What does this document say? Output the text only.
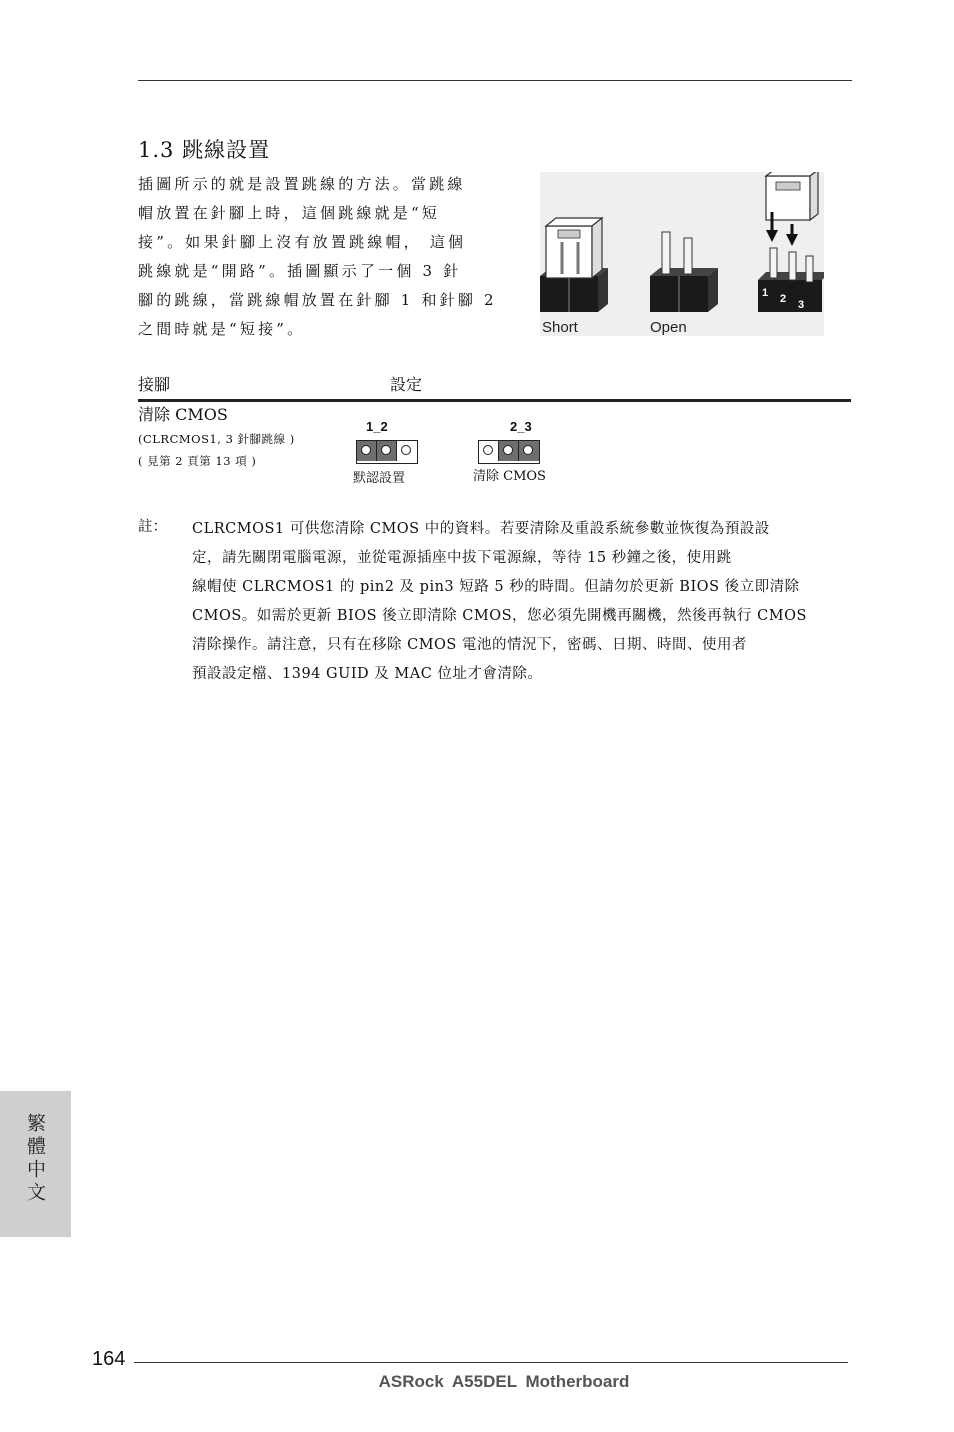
1.3 跳線設置

插圖所示的就是設置跳線的方法。當跳線

帽放置在針腳上時，這個跳線就是“短

接”。如果針腳上沒有放置跳線帽， 這個

跳線就是“開路”。插圖顯示了一個 3 針

腳的跳線，當跳線帽放置在針腳 1 和針腳 2

之間時就是“短接”。	Short	Open
1 2 3
接腳	設定
清除 CMOS
(CLRCMOS1, 3 針腳跳線 )
( 見第 2 頁第 13 項 )
1_2
默認設置
2_3
清除 CMOS
註： CLRCMOS1 可供您清除 CMOS 中的資料。若要清除及重設系統參數並恢復為預設設

定，請先關閉電腦電源，並從電源插座中拔下電源線，等待 15 秒鐘之後，使用跳

線帽使 CLRCMOS1 的 pin2 及 pin3 短路 5 秒的時間。但請勿於更新 BIOS 後立即清除

CMOS。如需於更新 BIOS 後立即清除 CMOS，您必須先開機再關機，然後再執行 CMOS

清除操作。請注意，只有在移除 CMOS 電池的情況下，密碼、日期、時間、使用者

預設設定檔、1394 GUID 及 MAC 位址才會清除。

繁體中文
164
ASRock A55DEL Motherboard
